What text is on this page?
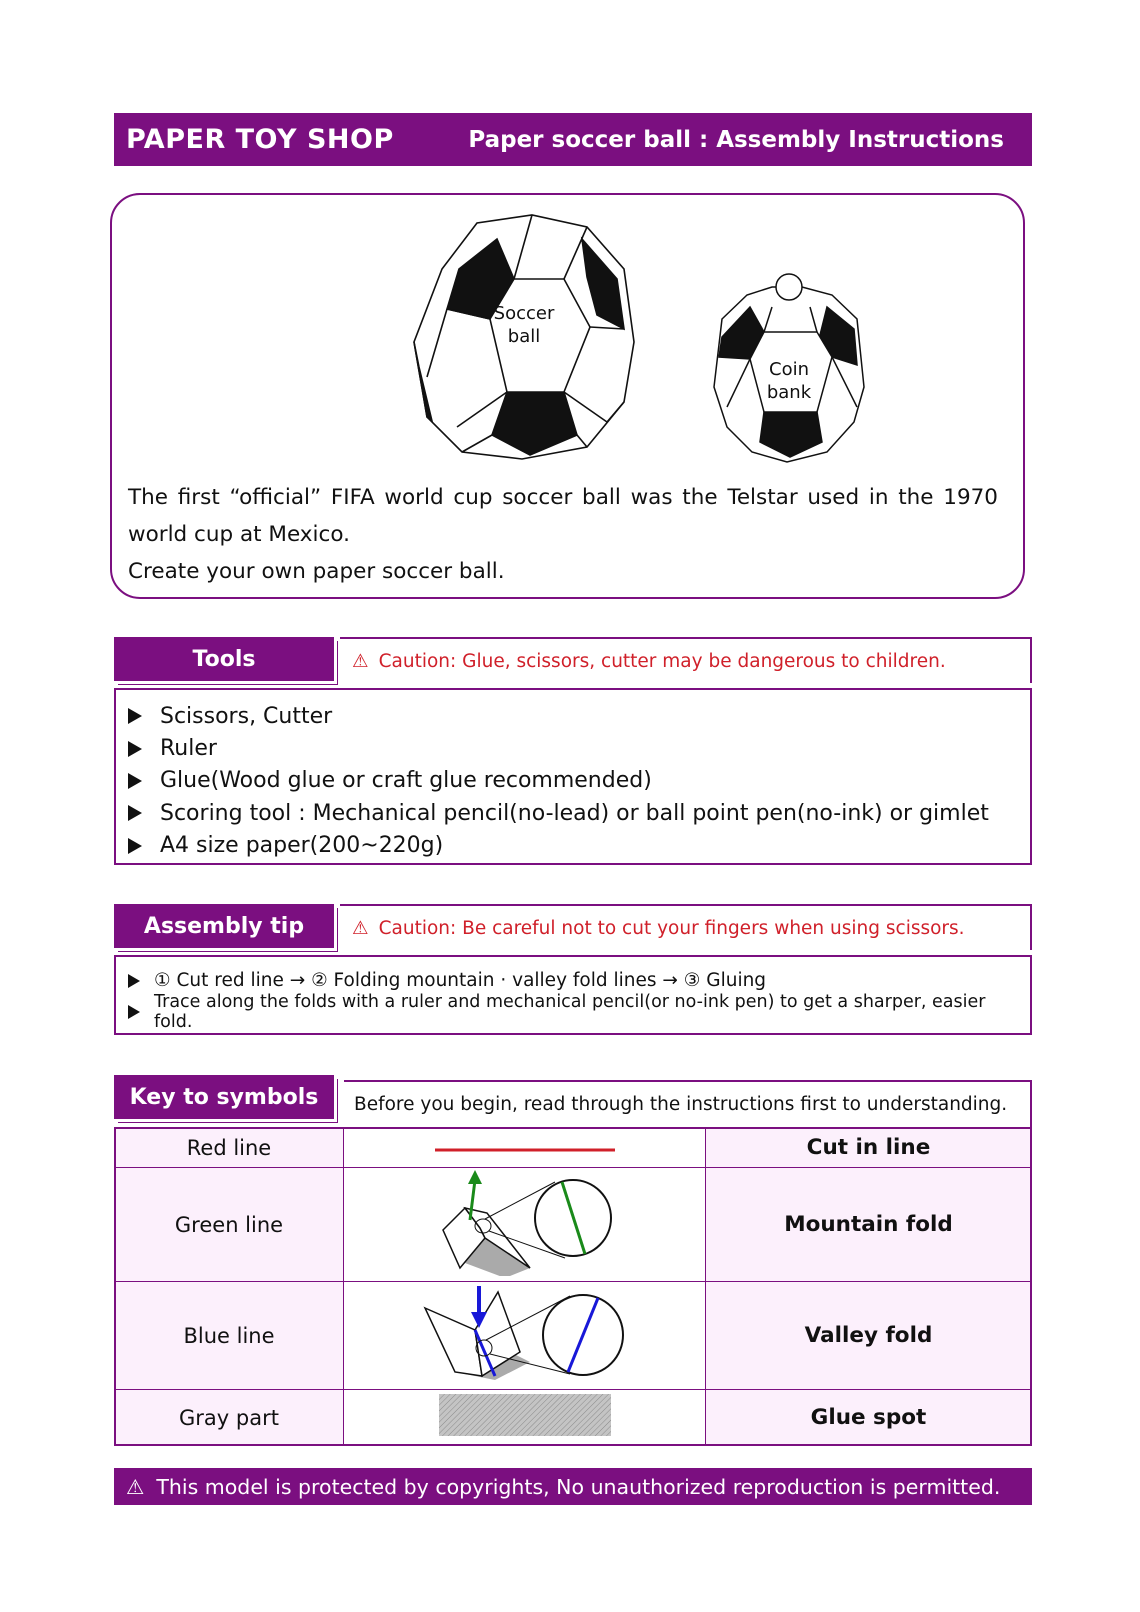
PAPER TOY SHOP	Paper soccer ball : Assembly Instructions
Soccer
ball
Coin
bank

The first “official” FIFA world cup soccer ball was the Telstar used in the 1970 world cup at Mexico.

Create your own paper soccer ball.

Tools	⚠ Caution: Glue, scissors, cutter may be dangerous to children.
Scissors, Cutter
Ruler
Glue(Wood glue or craft glue recommended)
Scoring tool : Mechanical pencil(no-lead) or ball point pen(no-ink) or gimlet
A4 size paper(200~220g)
Assembly tip	⚠ Caution: Be careful not to cut your fingers when using scissors.
① Cut red line → ② Folding mountain · valley fold lines → ③ Gluing
Trace along the folds with a ruler and mechanical pencil(or no-ink pen) to get a sharper, easier fold.
Key to symbols Before you begin, read through the instructions first to understanding.
Red line		Cut in line
Green line		Mountain fold
Blue line		Valley fold
Gray part		Glue spot
⚠ This model is protected by copyrights, No unauthorized reproduction is permitted.
